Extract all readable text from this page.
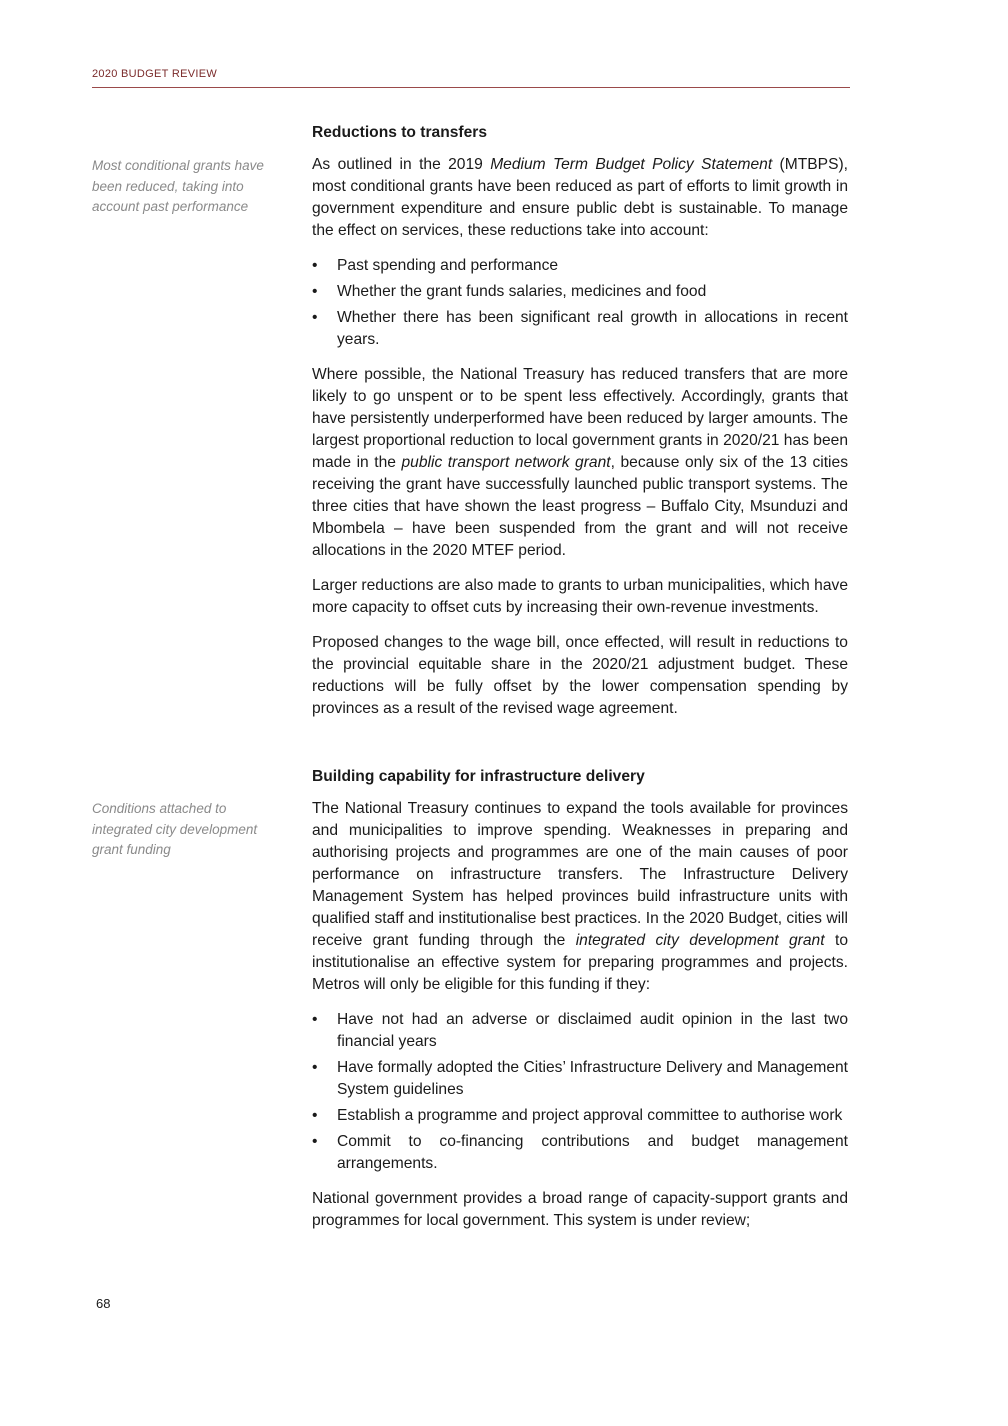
2020 BUDGET REVIEW
Most conditional grants have been reduced, taking into account past performance
Conditions attached to integrated city development grant funding
Reductions to transfers

As outlined in the 2019 Medium Term Budget Policy Statement (MTBPS), most conditional grants have been reduced as part of efforts to limit growth in government expenditure and ensure public debt is sustainable. To manage the effect on services, these reductions take into account:

• Past spending and performance
• Whether the grant funds salaries, medicines and food
• Whether there has been significant real growth in allocations in recent years.

Where possible, the National Treasury has reduced transfers that are more likely to go unspent or to be spent less effectively. Accordingly, grants that have persistently underperformed have been reduced by larger amounts. The largest proportional reduction to local government grants in 2020/21 has been made in the public transport network grant, because only six of the 13 cities receiving the grant have successfully launched public transport systems. The three cities that have shown the least progress – Buffalo City, Msunduzi and Mbombela – have been suspended from the grant and will not receive allocations in the 2020 MTEF period.

Larger reductions are also made to grants to urban municipalities, which have more capacity to offset cuts by increasing their own-revenue investments.

Proposed changes to the wage bill, once effected, will result in reductions to the provincial equitable share in the 2020/21 adjustment budget. These reductions will be fully offset by the lower compensation spending by provinces as a result of the revised wage agreement.

Building capability for infrastructure delivery

The National Treasury continues to expand the tools available for provinces and municipalities to improve spending. Weaknesses in preparing and authorising projects and programmes are one of the main causes of poor performance on infrastructure transfers. The Infrastructure Delivery Management System has helped provinces build infrastructure units with qualified staff and institutionalise best practices. In the 2020 Budget, cities will receive grant funding through the integrated city development grant to institutionalise an effective system for preparing programmes and projects. Metros will only be eligible for this funding if they:

• Have not had an adverse or disclaimed audit opinion in the last two financial years
• Have formally adopted the Cities’ Infrastructure Delivery and Management System guidelines
• Establish a programme and project approval committee to authorise work
• Commit to co-financing contributions and budget management arrangements.

National government provides a broad range of capacity-support grants and programmes for local government. This system is under review;

68
